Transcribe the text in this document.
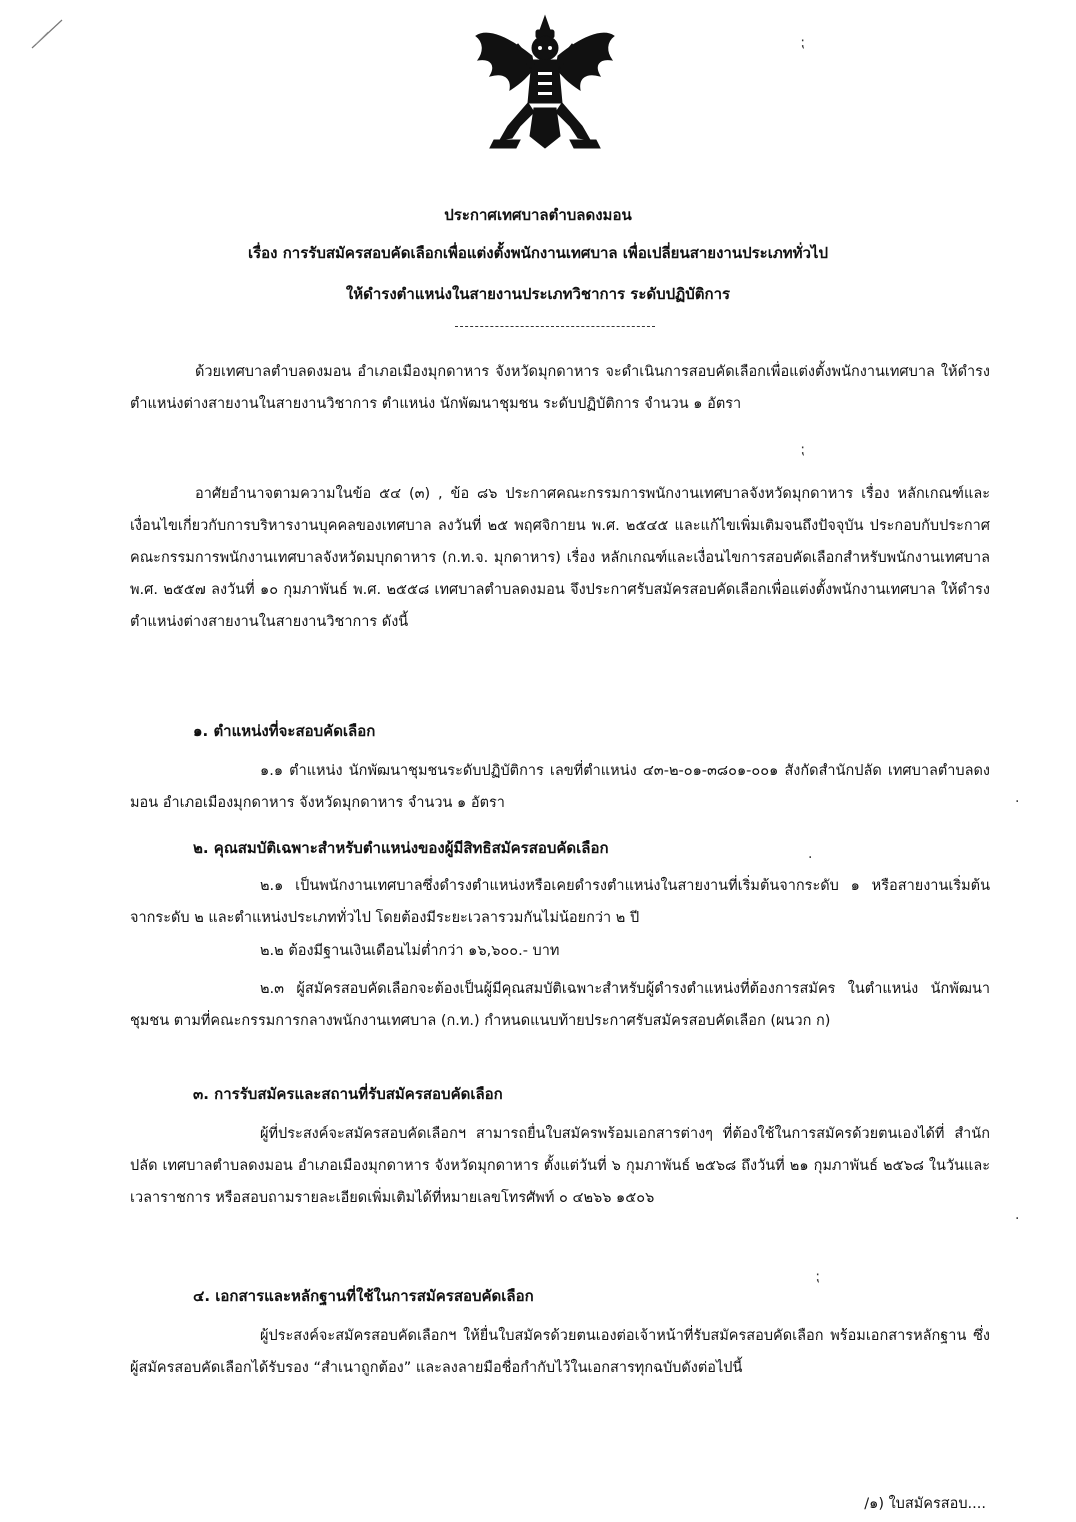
⁏
⁏
·
·
·
⁏
ประกาศเทศบาลตำบลดงมอน
เรื่อง การรับสมัครสอบคัดเลือกเพื่อแต่งตั้งพนักงานเทศบาล เพื่อเปลี่ยนสายงานประเภททั่วไป
ให้ดำรงตำแหน่งในสายงานประเภทวิชาการ ระดับปฏิบัติการ
ด้วยเทศบาลตำบลดงมอน อำเภอเมืองมุกดาหาร จังหวัดมุกดาหาร จะดำเนินการสอบคัดเลือกเพื่อแต่งตั้งพนักงานเทศบาล ให้ดำรงตำแหน่งต่างสายงานในสายงานวิชาการ ตำแหน่ง นักพัฒนาชุมชน ระดับปฏิบัติการ จำนวน ๑ อัตรา
อาศัยอำนาจตามความในข้อ ๕๔ (๓) , ข้อ ๘๖ ประกาศคณะกรรมการพนักงานเทศบาลจังหวัดมุกดาหาร เรื่อง หลักเกณฑ์และเงื่อนไขเกี่ยวกับการบริหารงานบุคคลของเทศบาล ลงวันที่ ๒๕ พฤศจิกายน พ.ศ. ๒๕๔๕ และแก้ไขเพิ่มเติมจนถึงปัจจุบัน ประกอบกับประกาศคณะกรรมการพนักงานเทศบาลจังหวัดมบุกดาหาร (ก.ท.จ. มุกดาหาร) เรื่อง หลักเกณฑ์และเงื่อนไขการสอบคัดเลือกสำหรับพนักงานเทศบาล พ.ศ. ๒๕๕๗ ลงวันที่ ๑๐ กุมภาพันธ์ พ.ศ. ๒๕๕๘ เทศบาลตำบลดงมอน จึงประกาศรับสมัครสอบคัดเลือกเพื่อแต่งตั้งพนักงานเทศบาล ให้ดำรงตำแหน่งต่างสายงานในสายงานวิชาการ ดังนี้
๑. ตำแหน่งที่จะสอบคัดเลือก
๑.๑ ตำแหน่ง นักพัฒนาชุมชนระดับปฏิบัติการ เลขที่ตำแหน่ง ๔๓-๒-๐๑-๓๘๐๑-๐๐๑ สังกัดสำนักปลัด เทศบาลตำบลดงมอน อำเภอเมืองมุกดาหาร จังหวัดมุกดาหาร จำนวน ๑ อัตรา
๒. คุณสมบัติเฉพาะสำหรับตำแหน่งของผู้มีสิทธิสมัครสอบคัดเลือก
๒.๑ เป็นพนักงานเทศบาลซึ่งดำรงตำแหน่งหรือเคยดำรงตำแหน่งในสายงานที่เริ่มต้นจากระดับ ๑ หรือสายงานเริ่มต้นจากระดับ ๒ และตำแหน่งประเภททั่วไป โดยต้องมีระยะเวลารวมกันไม่น้อยกว่า ๒ ปี
๒.๒ ต้องมีฐานเงินเดือนไม่ต่ำกว่า ๑๖,๖๐๐.- บาท
๒.๓ ผู้สมัครสอบคัดเลือกจะต้องเป็นผู้มีคุณสมบัติเฉพาะสำหรับผู้ดำรงตำแหน่งที่ต้องการสมัคร ในตำแหน่ง นักพัฒนาชุมชน ตามที่คณะกรรมการกลางพนักงานเทศบาล (ก.ท.) กำหนดแนบท้ายประกาศรับสมัครสอบคัดเลือก (ผนวก ก)
๓. การรับสมัครและสถานที่รับสมัครสอบคัดเลือก
ผู้ที่ประสงค์จะสมัครสอบคัดเลือกฯ สามารถยื่นใบสมัครพร้อมเอกสารต่างๆ ที่ต้องใช้ในการสมัครด้วยตนเองได้ที่ สำนักปลัด เทศบาลตำบลดงมอน อำเภอเมืองมุกดาหาร จังหวัดมุกดาหาร ตั้งแต่วันที่ ๖ กุมภาพันธ์ ๒๕๖๘ ถึงวันที่ ๒๑ กุมภาพันธ์ ๒๕๖๘ ในวันและเวลาราชการ หรือสอบถามรายละเอียดเพิ่มเติมได้ที่หมายเลขโทรศัพท์ ๐ ๔๒๖๖ ๑๕๐๖
๔. เอกสารและหลักฐานที่ใช้ในการสมัครสอบคัดเลือก
ผู้ประสงค์จะสมัครสอบคัดเลือกฯ ให้ยื่นใบสมัครด้วยตนเองต่อเจ้าหน้าที่รับสมัครสอบคัดเลือก พร้อมเอกสารหลักฐาน ซึ่งผู้สมัครสอบคัดเลือกได้รับรอง “สำเนาถูกต้อง” และลงลายมือชื่อกำกับไว้ในเอกสารทุกฉบับดังต่อไปนี้
/๑) ใบสมัครสอบ....
